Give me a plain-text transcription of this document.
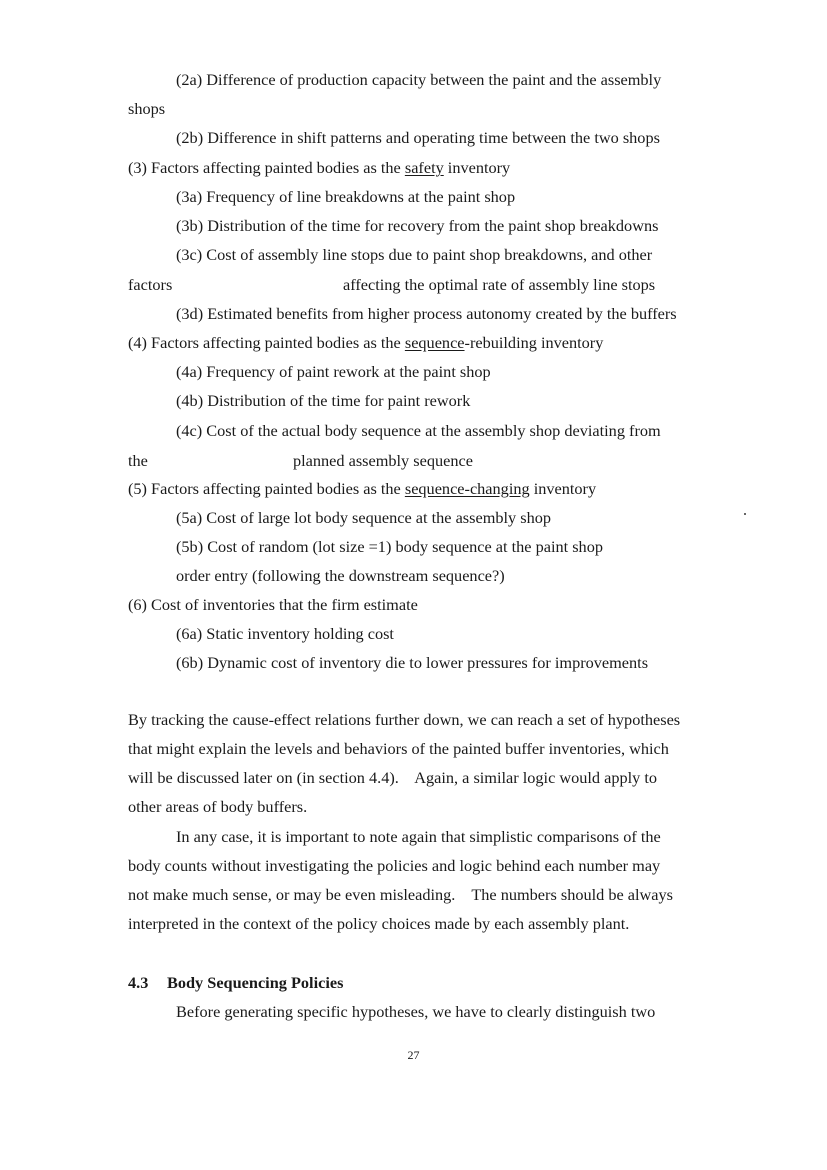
(2a) Difference of production capacity between the paint and the assembly
shops
(2b) Difference in shift patterns and operating time between the two shops
(3) Factors affecting painted bodies as the safety inventory
(3a) Frequency of line breakdowns at the paint shop
(3b) Distribution of the time for recovery from the paint shop breakdowns
(3c) Cost of assembly line stops due to paint shop breakdowns, and other
factors	affecting the optimal rate of assembly line stops
(3d) Estimated benefits from higher process autonomy created by the buffers
(4) Factors affecting painted bodies as the sequence-rebuilding inventory
(4a) Frequency of paint rework at the paint shop
(4b) Distribution of the time for paint rework
(4c) Cost of the actual body sequence at the assembly shop deviating from
the	planned assembly sequence
(5) Factors affecting painted bodies as the sequence-changing inventory
(5a) Cost of large lot body sequence at the assembly shop
(5b) Cost of random (lot size =1) body sequence at the paint shop
order entry (following the downstream sequence?)
(6) Cost of inventories that the firm estimate
(6a) Static inventory holding cost
(6b) Dynamic cost of inventory die to lower pressures for improvements
By tracking the cause-effect relations further down, we can reach a set of hypotheses
that might explain the levels and behaviors of the painted buffer inventories, which
will be discussed later on (in section 4.4).    Again, a similar logic would apply to
other areas of body buffers.
In any case, it is important to note again that simplistic comparisons of the
body counts without investigating the policies and logic behind each number may
not make much sense, or may be even misleading.    The numbers should be always
interpreted in the context of the policy choices made by each assembly plant.
4.3 Body Sequencing Policies
Before generating specific hypotheses, we have to clearly distinguish two
27
